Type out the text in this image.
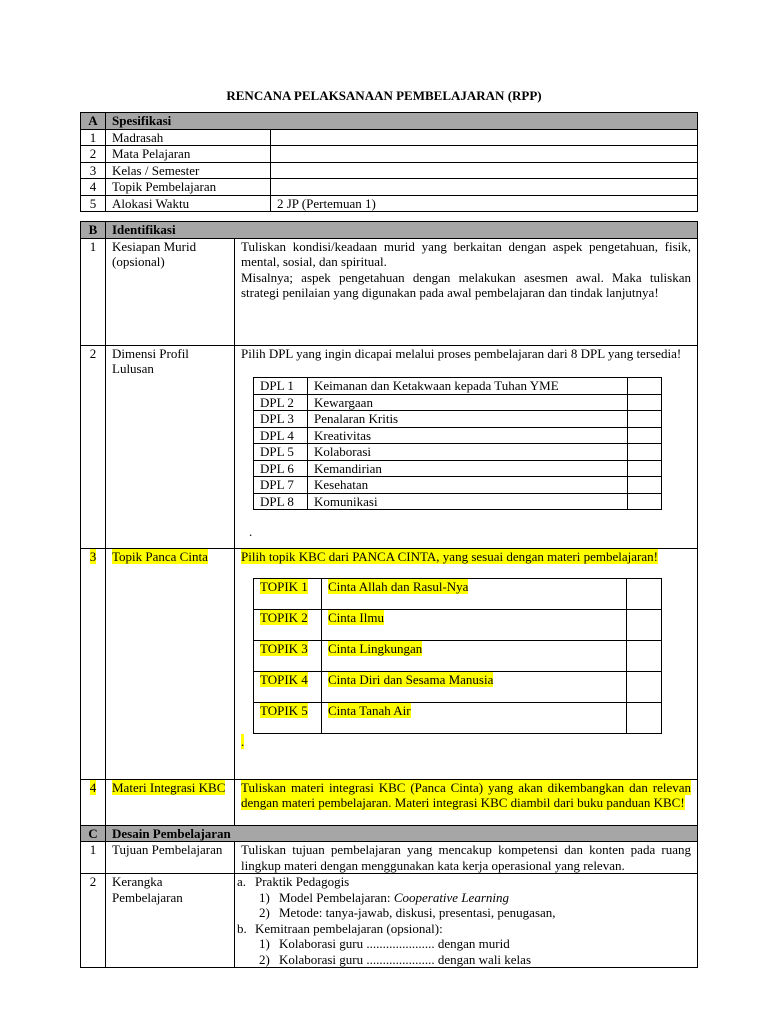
RENCANA PELAKSANAAN PEMBELAJARAN (RPP)
A	Spesifikasi	
1	Madrasah	
2	Mata Pelajaran	
3	Kelas / Semester	
4	Topik Pembelajaran	
5	Alokasi Waktu	2 JP (Pertemuan 1)
B	Identifikasi
1	Kesiapan Murid (opsional)	
Tuliskan kondisi/keadaan murid yang berkaitan dengan aspek pengetahuan, fisik, mental, sosial, dan spiritual.
Misalnya; aspek pengetahuan dengan melakukan asesmen awal. Maka tuliskan strategi penilaian yang digunakan pada awal pembelajaran dan tindak lanjutnya!

2	Dimensi Profil Lulusan	
Pilih DPL yang ingin dicapai melalui proses pembelajaran dari 8 DPL yang tersedia!
DPL 1	Keimanan dan Ketakwaan kepada Tuhan YME	
DPL 2	Kewargaan	
DPL 3	Penalaran Kritis	
DPL 4	Kreativitas	
DPL 5	Kolaborasi	
DPL 6	Kemandirian	
DPL 7	Kesehatan	
DPL 8	Komunikasi	
.

3	Topik Panca Cinta	Pilih topik KBC dari PANCA CINTA, yang sesuai dengan materi pembelajaran!
TOPIK 1	Cinta Allah dan Rasul-Nya	
TOPIK 2	Cinta Ilmu	
TOPIK 3	Cinta Lingkungan	
TOPIK 4	Cinta Diri dan Sesama Manusia	
TOPIK 5	Cinta Tanah Air	
.

4	Materi Integrasi KBC	Tuliskan materi integrasi KBC (Panca Cinta) yang akan dikembangkan dan relevan dengan materi pembelajaran. Materi integrasi KBC diambil dari buku panduan KBC!
C	Desain Pembelajaran
1	Tujuan Pembelajaran	Tuliskan tujuan pembelajaran yang mencakup kompetensi dan konten pada ruang lingkup materi dengan menggunakan kata kerja operasional yang relevan.
2	Kerangka Pembelajaran	
a. Praktik Pedagogis
1) Model Pembelajaran: Cooperative Learning
2) Metode: tanya-jawab, diskusi, presentasi, penugasan,
b. Kemitraan pembelajaran (opsional):
1) Kolaborasi guru ..................... dengan murid
2) Kolaborasi guru ..................... dengan wali kelas
